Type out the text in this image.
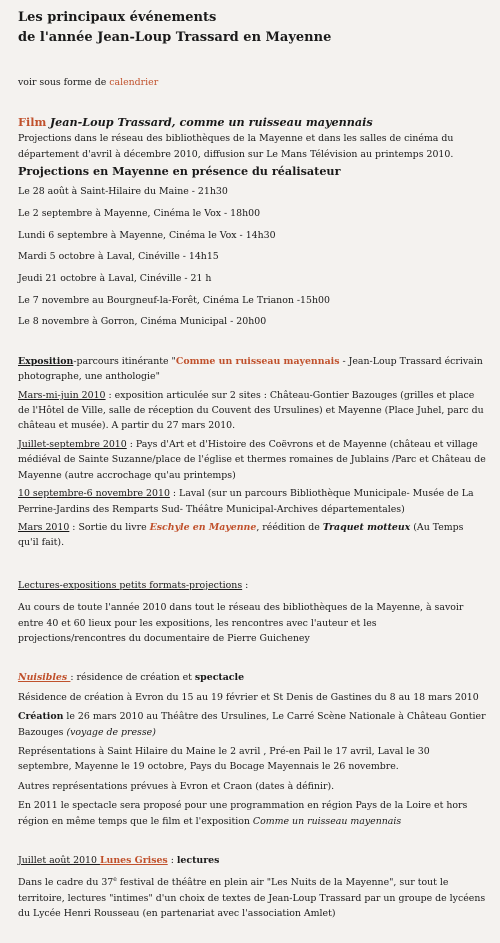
Les principaux événements
de l'année Jean-Loup Trassard en Mayenne

voir sous forme de calendrier

Film Jean-Loup Trassard, comme un ruisseau mayennais

Projections dans le réseau des bibliothèques de la Mayenne et dans les salles de cinéma du département d'avril à décembre 2010, diffusion sur Le Mans Télévision au printemps 2010.

Projections en Mayenne en présence du réalisateur

Le 28 août à Saint-Hilaire du Maine - 21h30

Le 2 septembre à Mayenne, Cinéma le Vox - 18h00

Lundi 6 septembre à Mayenne, Cinéma le Vox - 14h30

Mardi 5 octobre à Laval, Cinéville - 14h15

Jeudi 21 octobre à Laval, Cinéville - 21 h

Le 7 novembre au Bourgneuf-la-Forêt, Cinéma Le Trianon -15h00

Le 8 novembre à Gorron, Cinéma Municipal - 20h00

Exposition-parcours itinérante "Comme un ruisseau mayennais - Jean-Loup Trassard écrivain photographe, une anthologie"

Mars-mi-juin 2010 : exposition articulée sur 2 sites : Château-Gontier Bazouges (grilles et place de l'Hôtel de Ville, salle de réception du Couvent des Ursulines) et Mayenne (Place Juhel, parc du château et musée). A partir du 27 mars 2010.

Juillet-septembre 2010 : Pays d'Art et d'Histoire des Coëvrons et de Mayenne (château et village médiéval de Sainte Suzanne/place de l'église et thermes romaines de Jublains /Parc et Château de Mayenne (autre accrochage qu'au printemps)

10 septembre-6 novembre 2010 : Laval (sur un parcours Bibliothèque Municipale- Musée de La Perrine-Jardins des Remparts Sud- Théâtre Municipal-Archives départementales)

Mars 2010 : Sortie du livre Eschyle en Mayenne, réédition de Traquet motteux (Au Temps qu'il fait).

Lectures-expositions petits formats-projections :

Au cours de toute l'année 2010 dans tout le réseau des bibliothèques de la Mayenne, à savoir entre 40 et 60 lieux pour les expositions, les rencontres avec l'auteur et les projections/rencontres du documentaire de Pierre Guicheney

Nuisibles : résidence de création et spectacle

Résidence de création à Evron du 15 au 19 février et St Denis de Gastines du 8 au 18 mars 2010

Création le 26 mars 2010 au Théâtre des Ursulines, Le Carré Scène Nationale à Château Gontier Bazouges (voyage de presse)

Représentations à Saint Hilaire du Maine le 2 avril , Pré-en Pail le 17 avril, Laval le 30 septembre, Mayenne le 19 octobre, Pays du Bocage Mayennais le 26 novembre.

Autres représentations prévues à Evron et Craon (dates à définir).

En 2011 le spectacle sera proposé pour une programmation en région Pays de la Loire et hors région en même temps que le film et l'exposition Comme un ruisseau mayennais

Juillet août 2010 Lunes Grises : lectures

Dans le cadre du 37e festival de théâtre en plein air "Les Nuits de la Mayenne", sur tout le territoire, lectures "intimes" d'un choix de textes de Jean-Loup Trassard par un groupe de lycéens du Lycée Henri Rousseau (en partenariat avec l'association Amlet)
